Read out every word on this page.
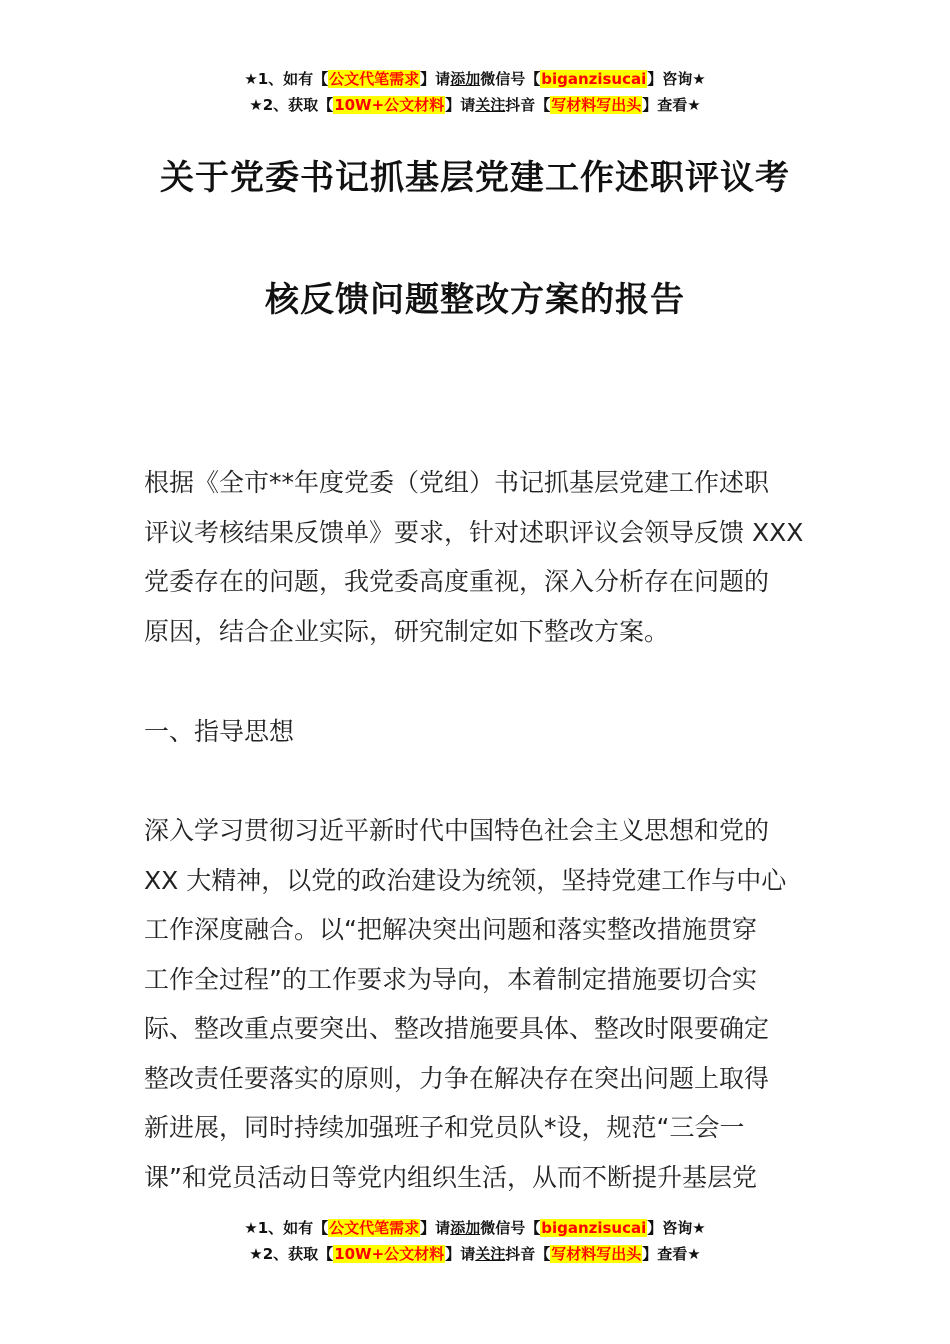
★1、如有【公文代笔需求】请添加微信号【biganzisucai】咨询★
★2、获取【10W+公文材料】请关注抖音【写材料写出头】查看★
关于党委书记抓基层党建工作述职评议考
核反馈问题整改方案的报告
根据《全市**年度党委（党组）书记抓基层党建工作述职
评议考核结果反馈单》要求，针对述职评议会领导反馈 XXX
党委存在的问题，我党委高度重视，深入分析存在问题的
原因，结合企业实际，研究制定如下整改方案。
一、指导思想
深入学习贯彻习近平新时代中国特色社会主义思想和党的
XX 大精神，以党的政治建设为统领，坚持党建工作与中心
工作深度融合。以“把解决突出问题和落实整改措施贯穿
工作全过程”的工作要求为导向，本着制定措施要切合实
际、整改重点要突出、整改措施要具体、整改时限要确定
整改责任要落实的原则，力争在解决存在突出问题上取得
新进展，同时持续加强班子和党员队*设，规范“三会一
课”和党员活动日等党内组织生活，从而不断提升基层党
★1、如有【公文代笔需求】请添加微信号【biganzisucai】咨询★
★2、获取【10W+公文材料】请关注抖音【写材料写出头】查看★
